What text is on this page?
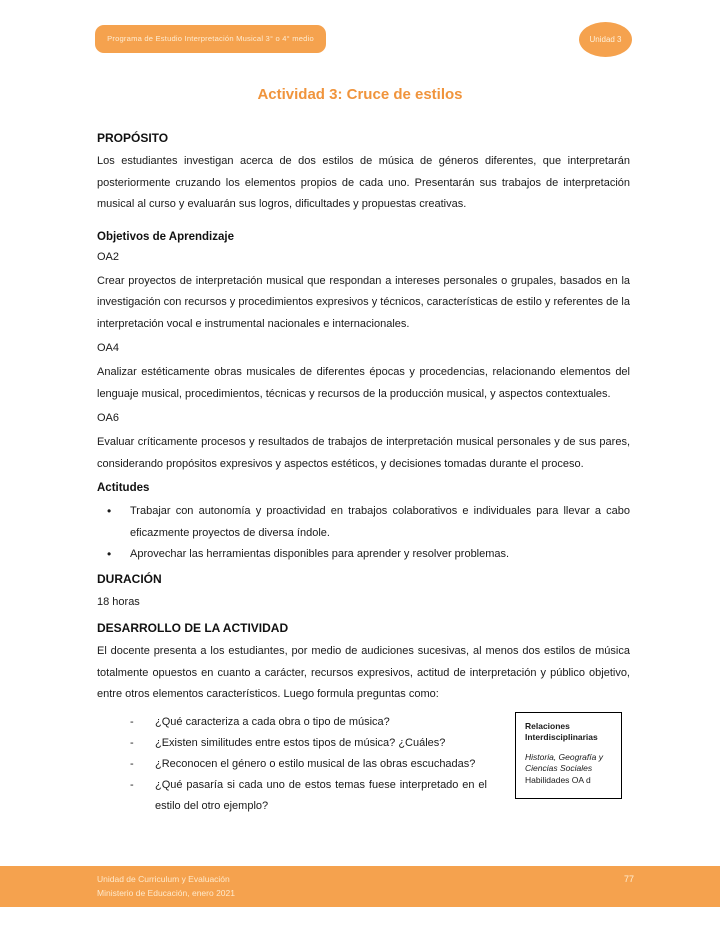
Programa de Estudio Interpretación Musical 3° o 4° medio	Unidad 3
Actividad 3: Cruce de estilos
PROPÓSITO

Los estudiantes investigan acerca de dos estilos de música de géneros diferentes, que interpretarán posteriormente cruzando los elementos propios de cada uno. Presentarán sus trabajos de interpretación musical al curso y evaluarán sus logros, dificultades y propuestas creativas.

Objetivos de Aprendizaje
OA2

Crear proyectos de interpretación musical que respondan a intereses personales o grupales, basados en la investigación con recursos y procedimientos expresivos y técnicos, características de estilo y referentes de la interpretación vocal e instrumental nacionales e internacionales.

OA4

Analizar estéticamente obras musicales de diferentes épocas y procedencias, relacionando elementos del lenguaje musical, procedimientos, técnicas y recursos de la producción musical, y aspectos contextuales.

OA6

Evaluar críticamente procesos y resultados de trabajos de interpretación musical personales y de sus pares, considerando propósitos expresivos y aspectos estéticos, y decisiones tomadas durante el proceso.

Actitudes
• Trabajar con autonomía y proactividad en trabajos colaborativos e individuales para llevar a cabo eficazmente proyectos de diversa índole.
• Aprovechar las herramientas disponibles para aprender y resolver problemas.
DURACIÓN

18 horas

DESARROLLO DE LA ACTIVIDAD

El docente presenta a los estudiantes, por medio de audiciones sucesivas, al menos dos estilos de música totalmente opuestos en cuanto a carácter, recursos expresivos, actitud de interpretación y público objetivo, entre otros elementos característicos. Luego formula preguntas como:

- ¿Qué caracteriza a cada obra o tipo de música?
- ¿Existen similitudes entre estos tipos de música? ¿Cuáles?
- ¿Reconocen el género o estilo musical de las obras escuchadas?
- ¿Qué pasaría si cada uno de estos temas fuese interpretado en el estilo del otro ejemplo?
Relaciones Interdisciplinarias
Historia, Geografía y Ciencias Sociales
Habilidades OA d
Unidad de Curriculum y Evaluación
Ministerio de Educación, enero 2021
77
